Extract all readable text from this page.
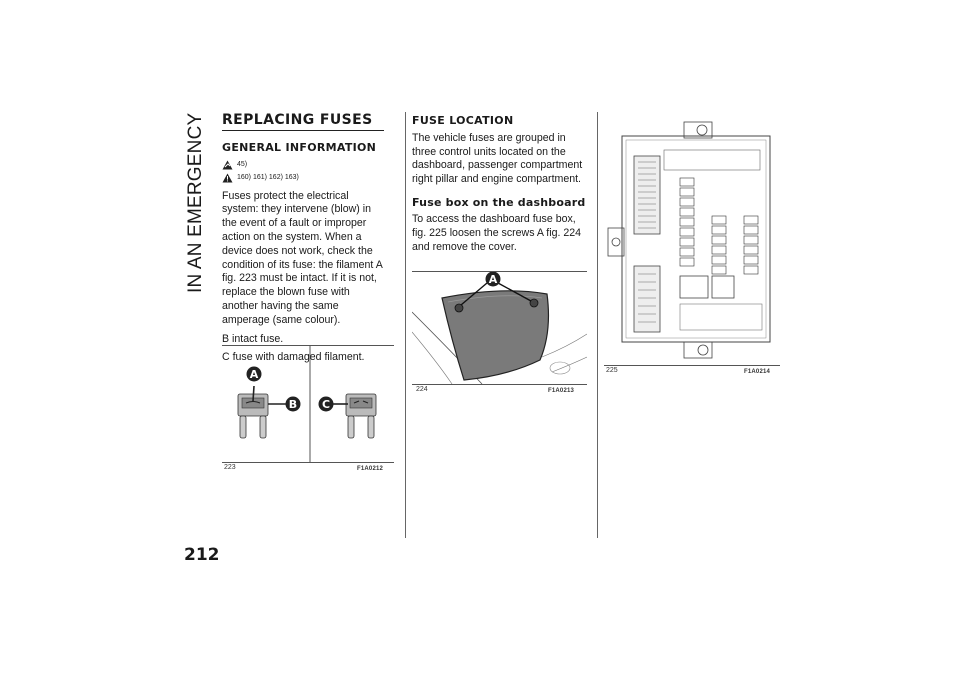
IN AN EMERGENCY
212
REPLACING FUSES
GENERAL INFORMATION
45)
160) 161) 162) 163)

Fuses protect the electrical system: they intervene (blow) in the event of a fault or improper action on the system. When a device does not work, check the condition of its fuse: the filament A fig. 223 must be intact. If it is not, replace the blown fuse with another having the same amperage (same colour).

B intact fuse.

C fuse with damaged filament.

A
B C
223	F1A0212
FUSE LOCATION

The vehicle fuses are grouped in three control units located on the dashboard, passenger compartment right pillar and engine compartment.

Fuse box on the dashboard

To access the dashboard fuse box, fig. 225 loosen the screws A fig. 224 and remove the cover.

A
224	F1A0213
225	F1A0214
